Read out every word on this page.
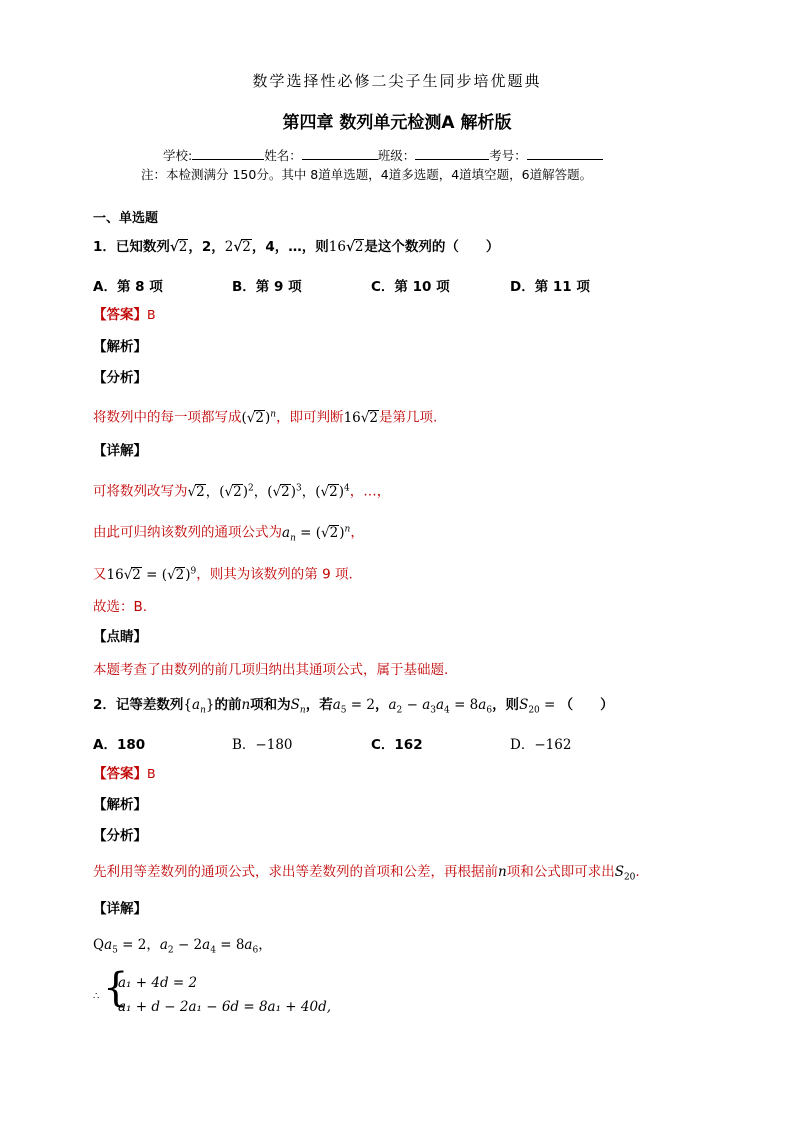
数学选择性必修二尖子生同步培优题典
第四章 数列单元检测A 解析版
学校:	姓名：	班级：	考号：
注：本检测满分 150分。其中 8道单选题，4道多选题，4道填空题，6道解答题。
一、单选题
1．已知数列√2，2，2√2，4，…，则16√2是这个数列的（　　）
A．第 8 项	B．第 9 项	C．第 10 项	D．第 11 项
【答案】B
【解析】
【分析】
将数列中的每一项都写成$(√2)^n$，即可判断16√2是第几项.
【详解】
可将数列改写为√2，$(√2)^2$，$(√2)^3$，$(√2)^4$，…，
由此可归纳该数列的通项公式为$a_n = (√2)^n$，
又$16√2 = (√2)^9$，则其为该数列的第 9 项.
故选：B.
【点睛】
本题考查了由数列的前几项归纳出其通项公式，属于基础题.
2．记等差数列$\{a_n\}$的前n项和为$S_n$，若$a_5 = 2$，$a_2 - a_3a_4 = 8a_6$，则$S_{20}$ = （　　）
A．180	B．−180	C．162	D．−162
【答案】B
【解析】
【分析】
先利用等差数列的通项公式，求出等差数列的首项和公差，再根据前n项和公式即可求出$S_{20}$.
【详解】
$Qa_5 = 2$，$a_2 - 2a_4 = 8a_6$，
∴ {
a₁ + 4d = 2
a₁ + d − 2a₁ − 6d = 8a₁ + 40d,
